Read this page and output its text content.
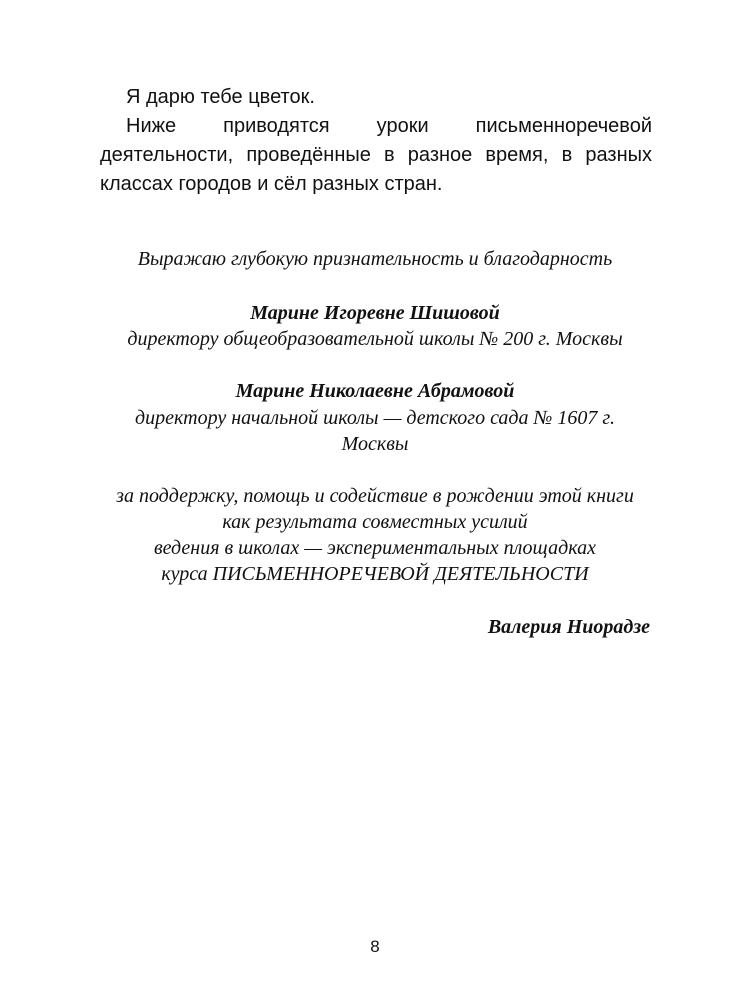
Я дарю тебе цветок.

Ниже приводятся уроки письменноречевой деятельности, проведённые в разное время, в разных классах городов и сёл разных стран.

Выражаю глубокую признательность и благодарность
Марине Игоревне Шишовой
директору общеобразовательной школы № 200 г. Москвы
Марине Николаевне Абрамовой
директору начальной школы — детского сада № 1607 г.
Москвы
за поддержку, помощь и содействие в рождении этой книги
как результата совместных усилий
ведения в школах — экспериментальных площадках
курса ПИСЬМЕННОРЕЧЕВОЙ ДЕЯТЕЛЬНОСТИ
Валерия Ниорадзе
8
